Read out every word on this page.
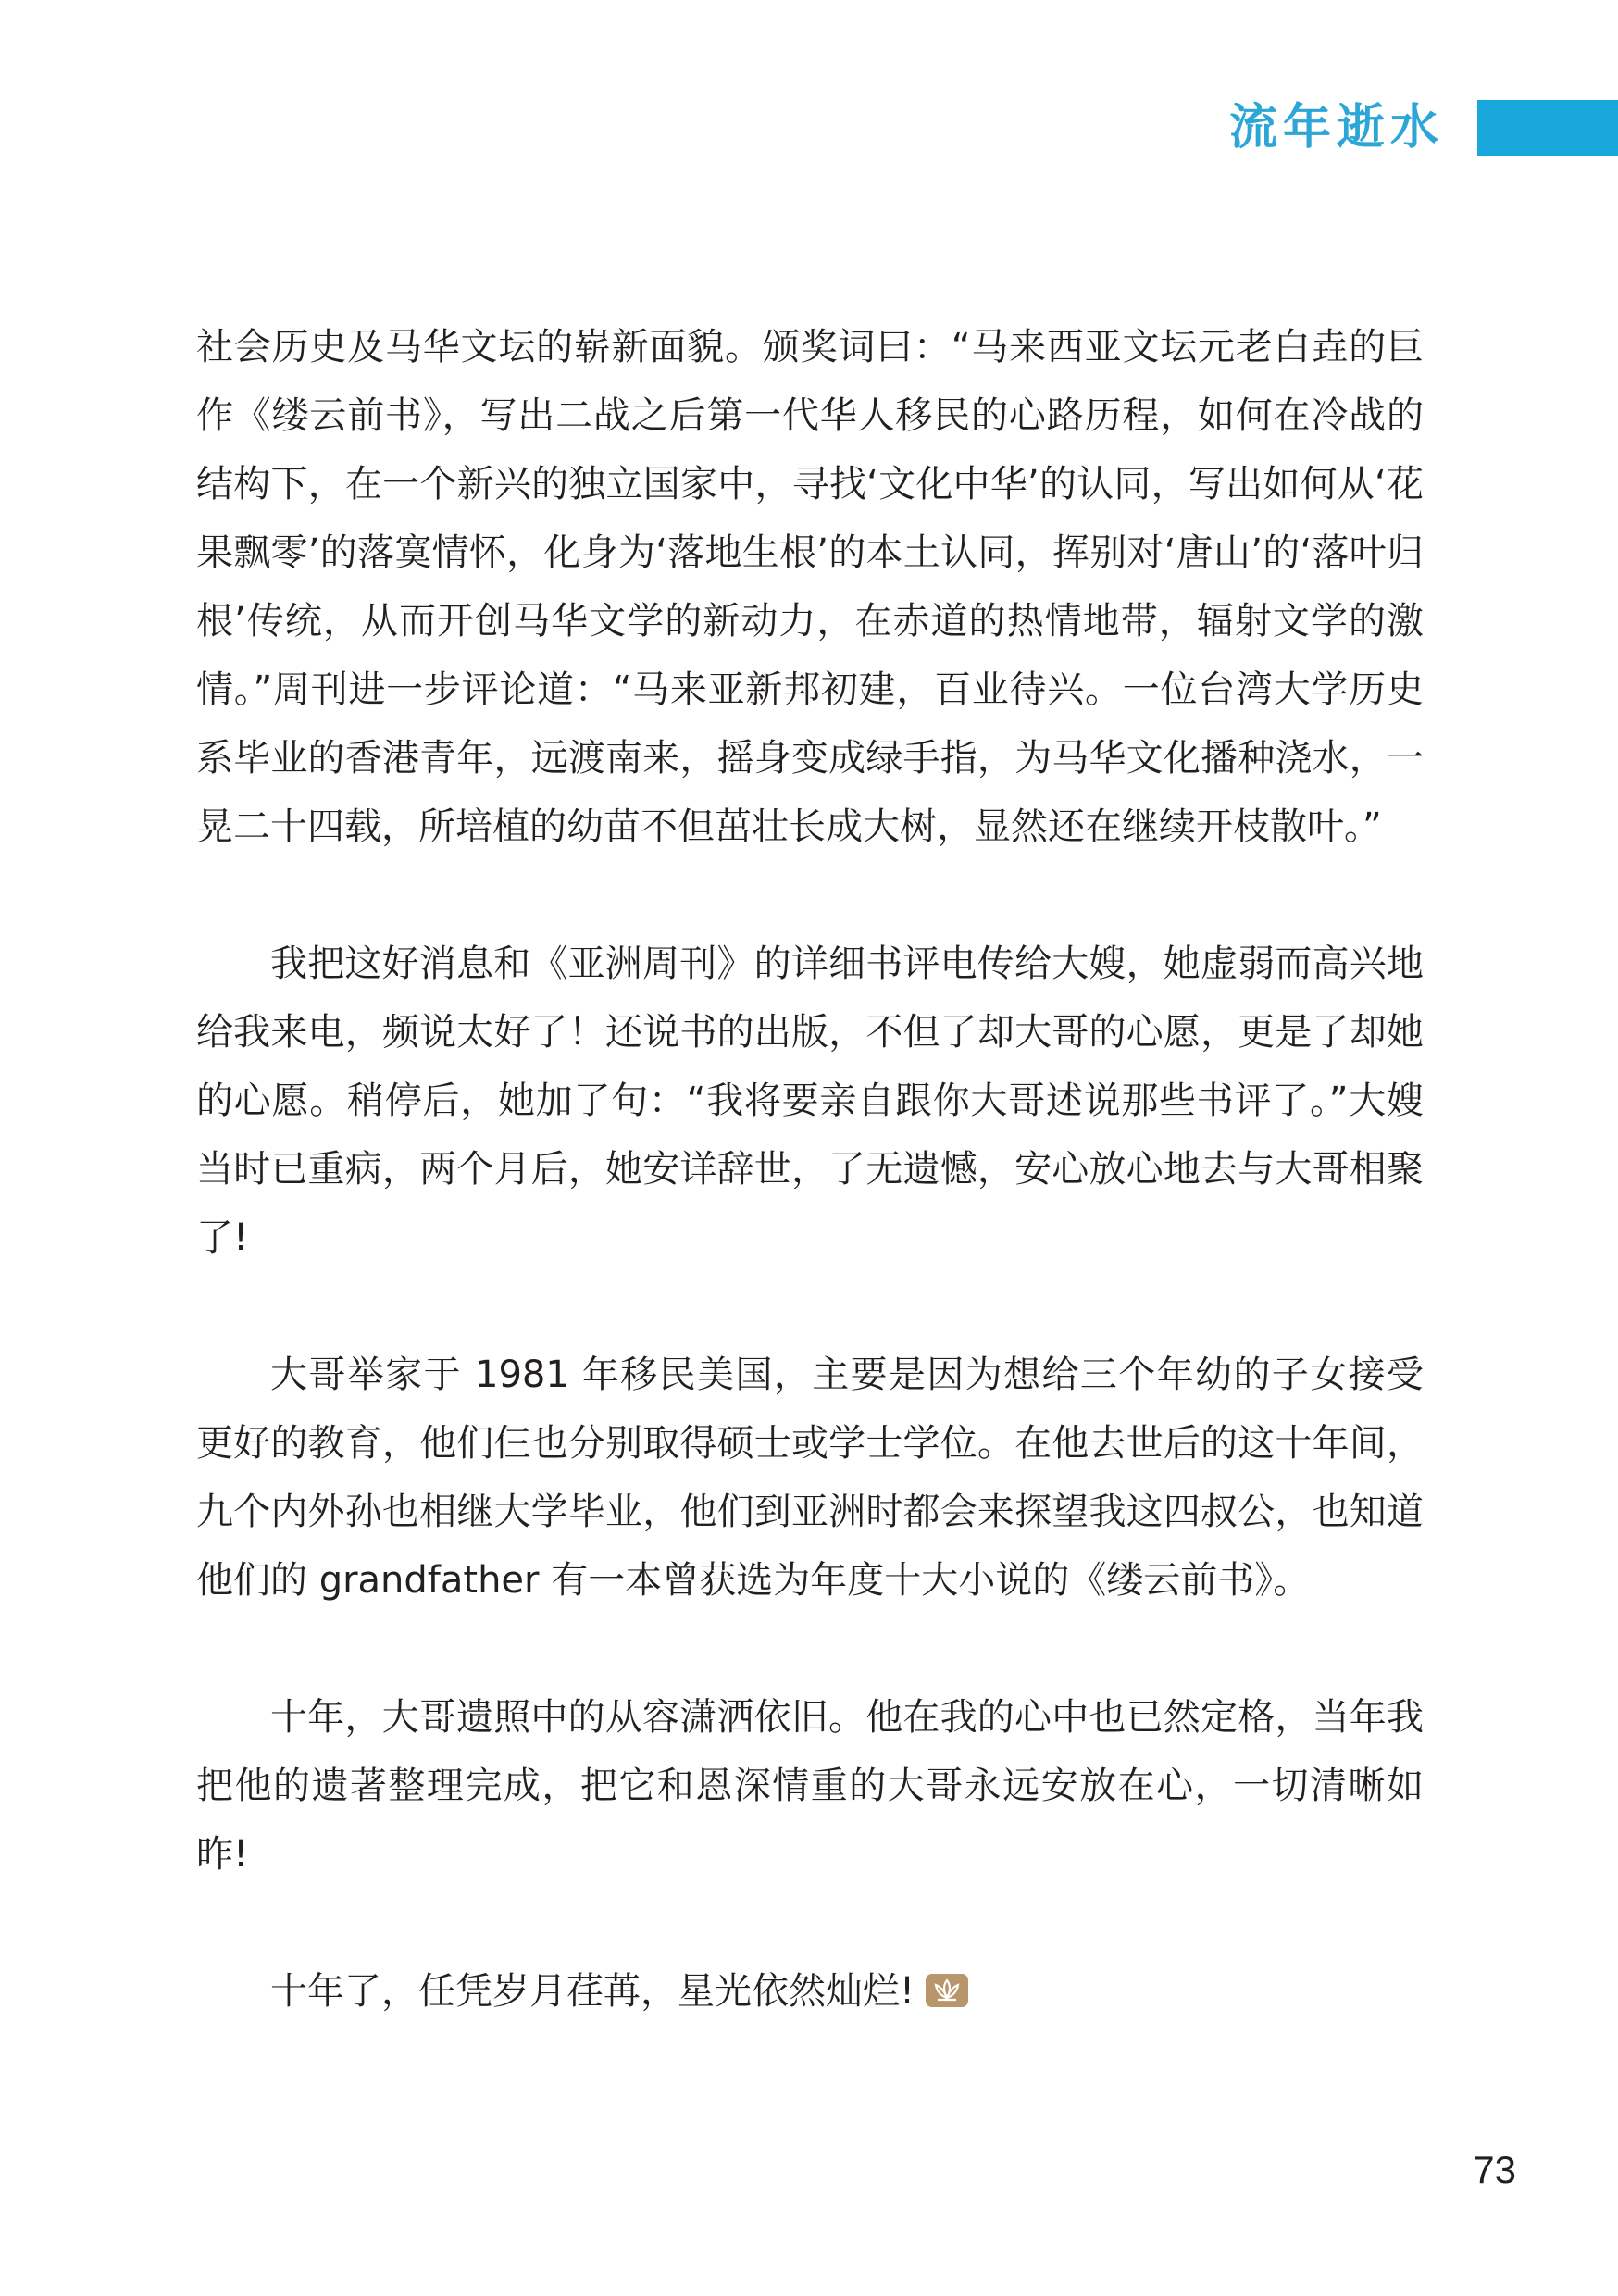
流年逝水

社会历史及马华文坛的崭新面貌。颁奖词曰：“马来西亚文坛元老白垚的巨作《缕云前书》，写出二战之后第一代华人移民的心路历程，如何在冷战的结构下，在一个新兴的独立国家中，寻找‘文化中华’的认同，写出如何从‘花果飘零’的落寞情怀，化身为‘落地生根’的本土认同，挥别对‘唐山’的‘落叶归根’传统，从而开创马华文学的新动力，在赤道的热情地带，辐射文学的激情。”周刊进一步评论道：“马来亚新邦初建，百业待兴。一位台湾大学历史系毕业的香港青年，远渡南来，摇身变成绿手指，为马华文化播种浇水，一晃二十四载，所培植的幼苗不但茁壮长成大树，显然还在继续开枝散叶。”

我把这好消息和《亚洲周刊》的详细书评电传给大嫂，她虚弱而高兴地给我来电，频说太好了！还说书的出版，不但了却大哥的心愿，更是了却她的心愿。稍停后，她加了句：“我将要亲自跟你大哥述说那些书评了。”大嫂当时已重病，两个月后，她安详辞世，了无遗憾，安心放心地去与大哥相聚了!

大哥举家于 1981 年移民美国，主要是因为想给三个年幼的子女接受更好的教育，他们仨也分别取得硕士或学士学位。在他去世后的这十年间，九个内外孙也相继大学毕业，他们到亚洲时都会来探望我这四叔公，也知道他们的 grandfather 有一本曾获选为年度十大小说的《缕云前书》。

十年，大哥遗照中的从容潇洒依旧。他在我的心中也已然定格，当年我把他的遗著整理完成，把它和恩深情重的大哥永远安放在心，一切清晰如昨!

十年了，任凭岁月荏苒，星光依然灿烂!

73
